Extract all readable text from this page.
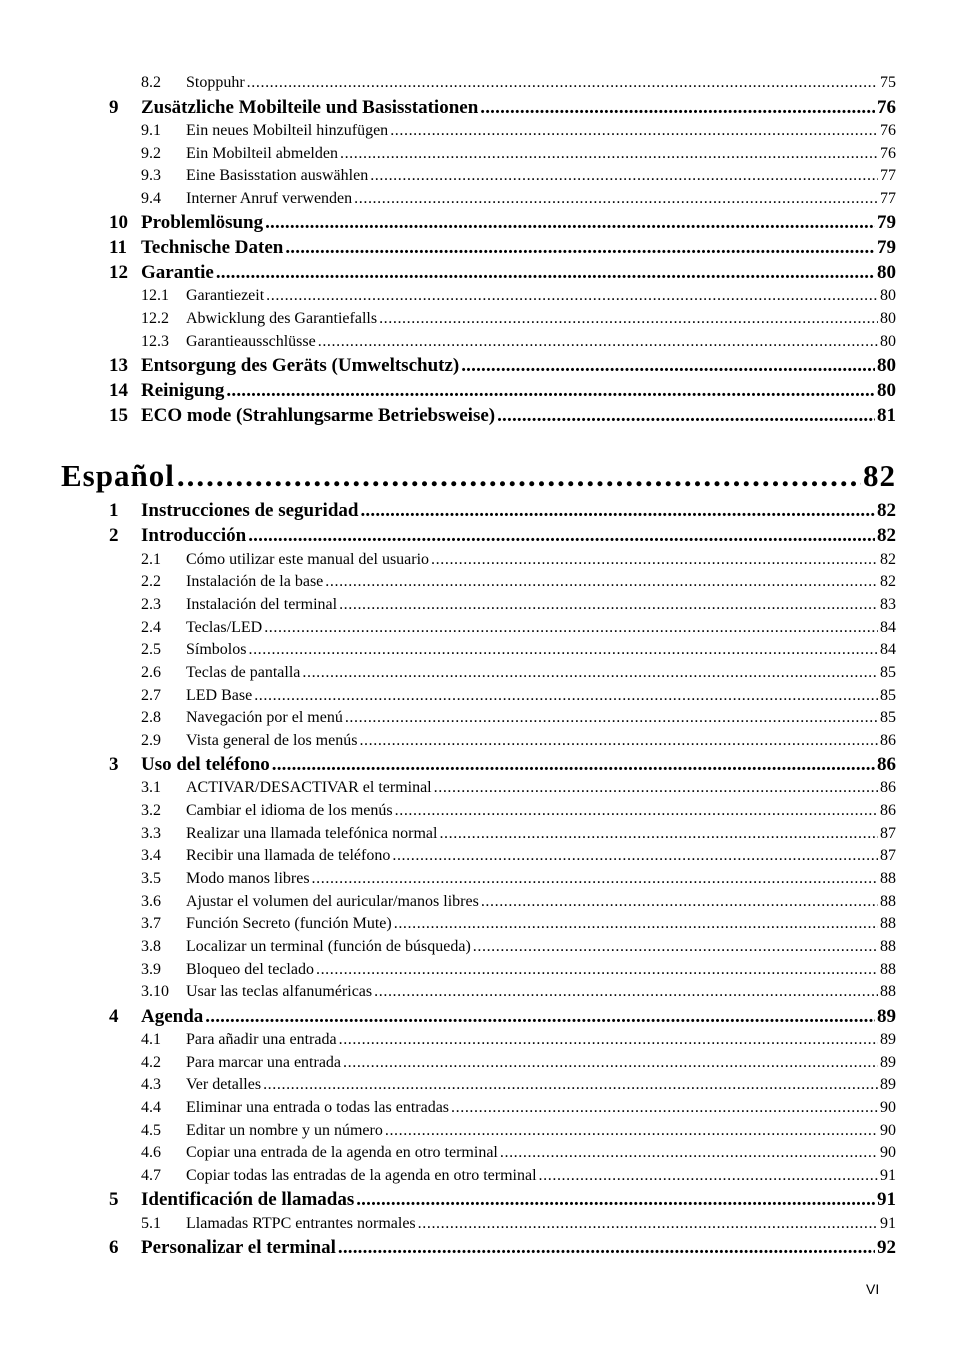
8.2 Stoppuhr .....	75
9 Zusätzliche Mobilteile und Basisstationen .....	76
9.1 Ein neues Mobilteil hinzufügen .....	76
9.2 Ein Mobilteil abmelden .....	76
9.3 Eine Basisstation auswählen .....	77
9.4 Interner Anruf verwenden .....	77
10 Problemlösung .....	79
11 Technische Daten .....	79
12 Garantie .....	80
12.1 Garantiezeit .....	80
12.2 Abwicklung des Garantiefalls .....	80
12.3 Garantieausschlüsse .....	80
13 Entsorgung des Geräts (Umweltschutz) .....	80
14 Reinigung .....	80
15 ECO mode (Strahlungsarme Betriebsweise) .....	81
Español .....	82
1 Instrucciones de seguridad .....	82
2 Introducción .....	82
2.1 Cómo utilizar este manual del usuario .....	82
2.2 Instalación de la base .....	82
2.3 Instalación del terminal .....	83
2.4 Teclas/LED .....	84
2.5 Símbolos .....	84
2.6 Teclas de pantalla .....	85
2.7 LED Base .....	85
2.8 Navegación por el menú .....	85
2.9 Vista general de los menús .....	86
3 Uso del teléfono .....	86
3.1 ACTIVAR/DESACTIVAR el terminal .....	86
3.2 Cambiar el idioma de los menús .....	86
3.3 Realizar una llamada telefónica normal .....	87
3.4 Recibir una llamada de teléfono .....	87
3.5 Modo manos libres .....	88
3.6 Ajustar el volumen del auricular/manos libres .....	88
3.7 Función Secreto (función Mute) .....	88
3.8 Localizar un terminal (función de búsqueda) .....	88
3.9 Bloqueo del teclado .....	88
3.10 Usar las teclas alfanuméricas .....	88
4 Agenda .....	89
4.1 Para añadir una entrada .....	89
4.2 Para marcar una entrada .....	89
4.3 Ver detalles .....	89
4.4 Eliminar una entrada o todas las entradas .....	90
4.5 Editar un nombre y un número .....	90
4.6 Copiar una entrada de la agenda en otro terminal .....	90
4.7 Copiar todas las entradas de la agenda en otro terminal .....	91
5 Identificación de llamadas .....	91
5.1 Llamadas RTPC entrantes normales .....	91
6 Personalizar el terminal .....	92
VI
